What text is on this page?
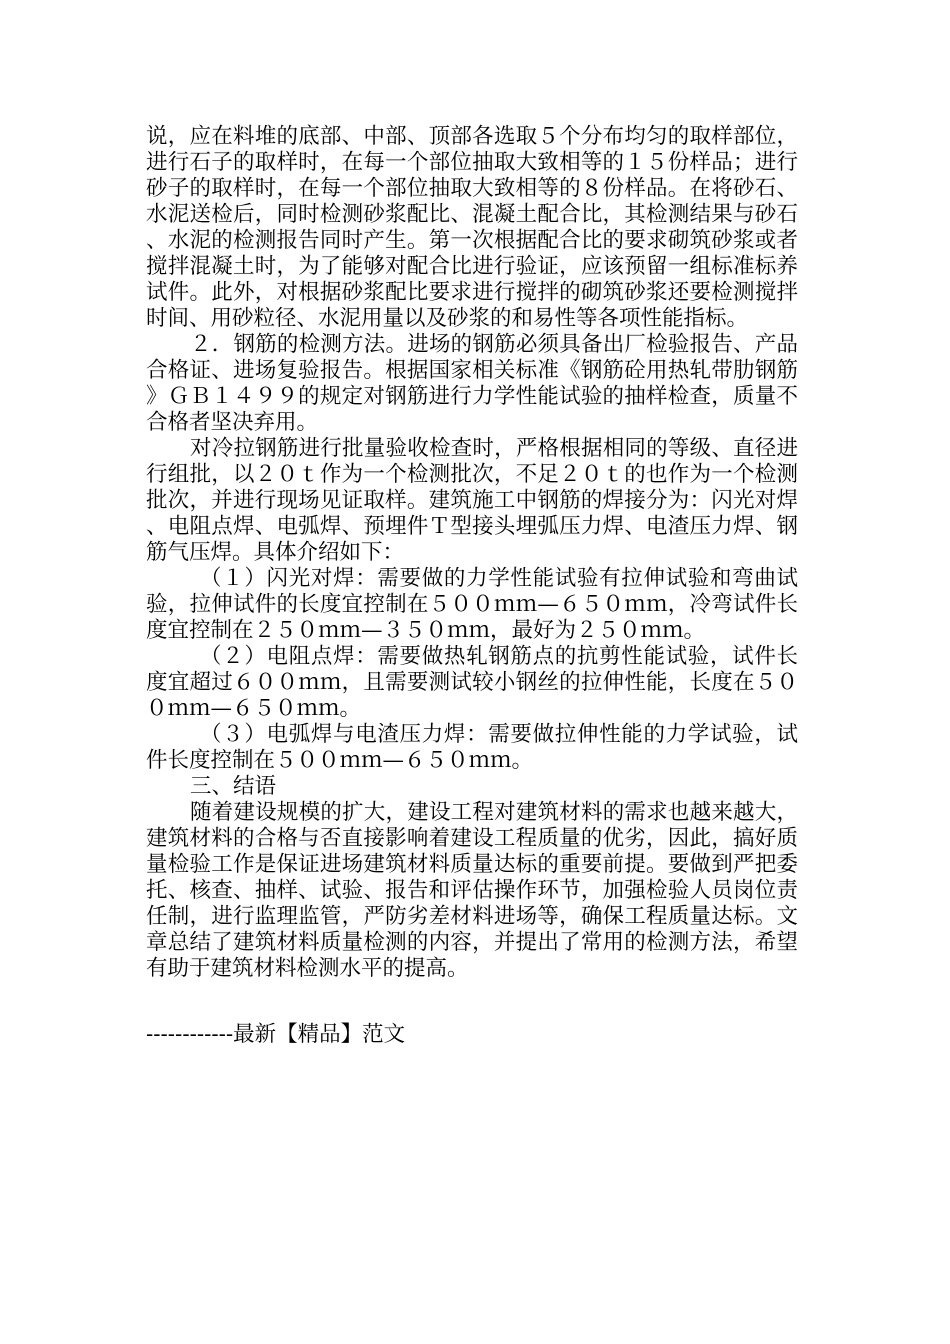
说，应在料堆的底部、中部、顶部各选取５个分布均匀的取样部位，进行石子的取样时，在每一个部位抽取大致相等的１５份样品；进行砂子的取样时，在每一个部位抽取大致相等的８份样品。在将砂石、水泥送检后，同时检测砂浆配比、混凝土配合比，其检测结果与砂石、水泥的检测报告同时产生。第一次根据配合比的要求砌筑砂浆或者搅拌混凝土时，为了能够对配合比进行验证，应该预留一组标准标养试件。此外，对根据砂浆配比要求进行搅拌的砌筑砂浆还要检测搅拌时间、用砂粒径、水泥用量以及砂浆的和易性等各项性能指标。

２．钢筋的检测方法。进场的钢筋必须具备出厂检验报告、产品合格证、进场复验报告。根据国家相关标准《钢筋砼用热轧带肋钢筋》ＧＢ１４９９的规定对钢筋进行力学性能试验的抽样检查，质量不合格者坚决弃用。

对冷拉钢筋进行批量验收检查时，严格根据相同的等级、直径进行组批，以２０ｔ作为一个检测批次，不足２０ｔ的也作为一个检测批次，并进行现场见证取样。建筑施工中钢筋的焊接分为：闪光对焊、电阻点焊、电弧焊、预埋件Ｔ型接头埋弧压力焊、电渣压力焊、钢筋气压焊。具体介绍如下：

（１）闪光对焊：需要做的力学性能试验有拉伸试验和弯曲试验，拉伸试件的长度宜控制在５００ｍｍ—６５０ｍｍ，冷弯试件长度宜控制在２５０ｍｍ—３５０ｍｍ，最好为２５０ｍｍ。

（２）电阻点焊：需要做热轧钢筋点的抗剪性能试验，试件长度宜超过６００ｍｍ，且需要测试较小钢丝的拉伸性能，长度在５００ｍｍ—６５０ｍｍ。

（３）电弧焊与电渣压力焊：需要做拉伸性能的力学试验，试件长度控制在５００ｍｍ—６５０ｍｍ。

三、结语

随着建设规模的扩大，建设工程对建筑材料的需求也越来越大，建筑材料的合格与否直接影响着建设工程质量的优劣，因此，搞好质量检验工作是保证进场建筑材料质量达标的重要前提。要做到严把委托、核查、抽样、试验、报告和评估操作环节，加强检验人员岗位责任制，进行监理监管，严防劣差材料进场等，确保工程质量达标。文章总结了建筑材料质量检测的内容，并提出了常用的检测方法，希望有助于建筑材料检测水平的提高。

------------最新【精品】范文
